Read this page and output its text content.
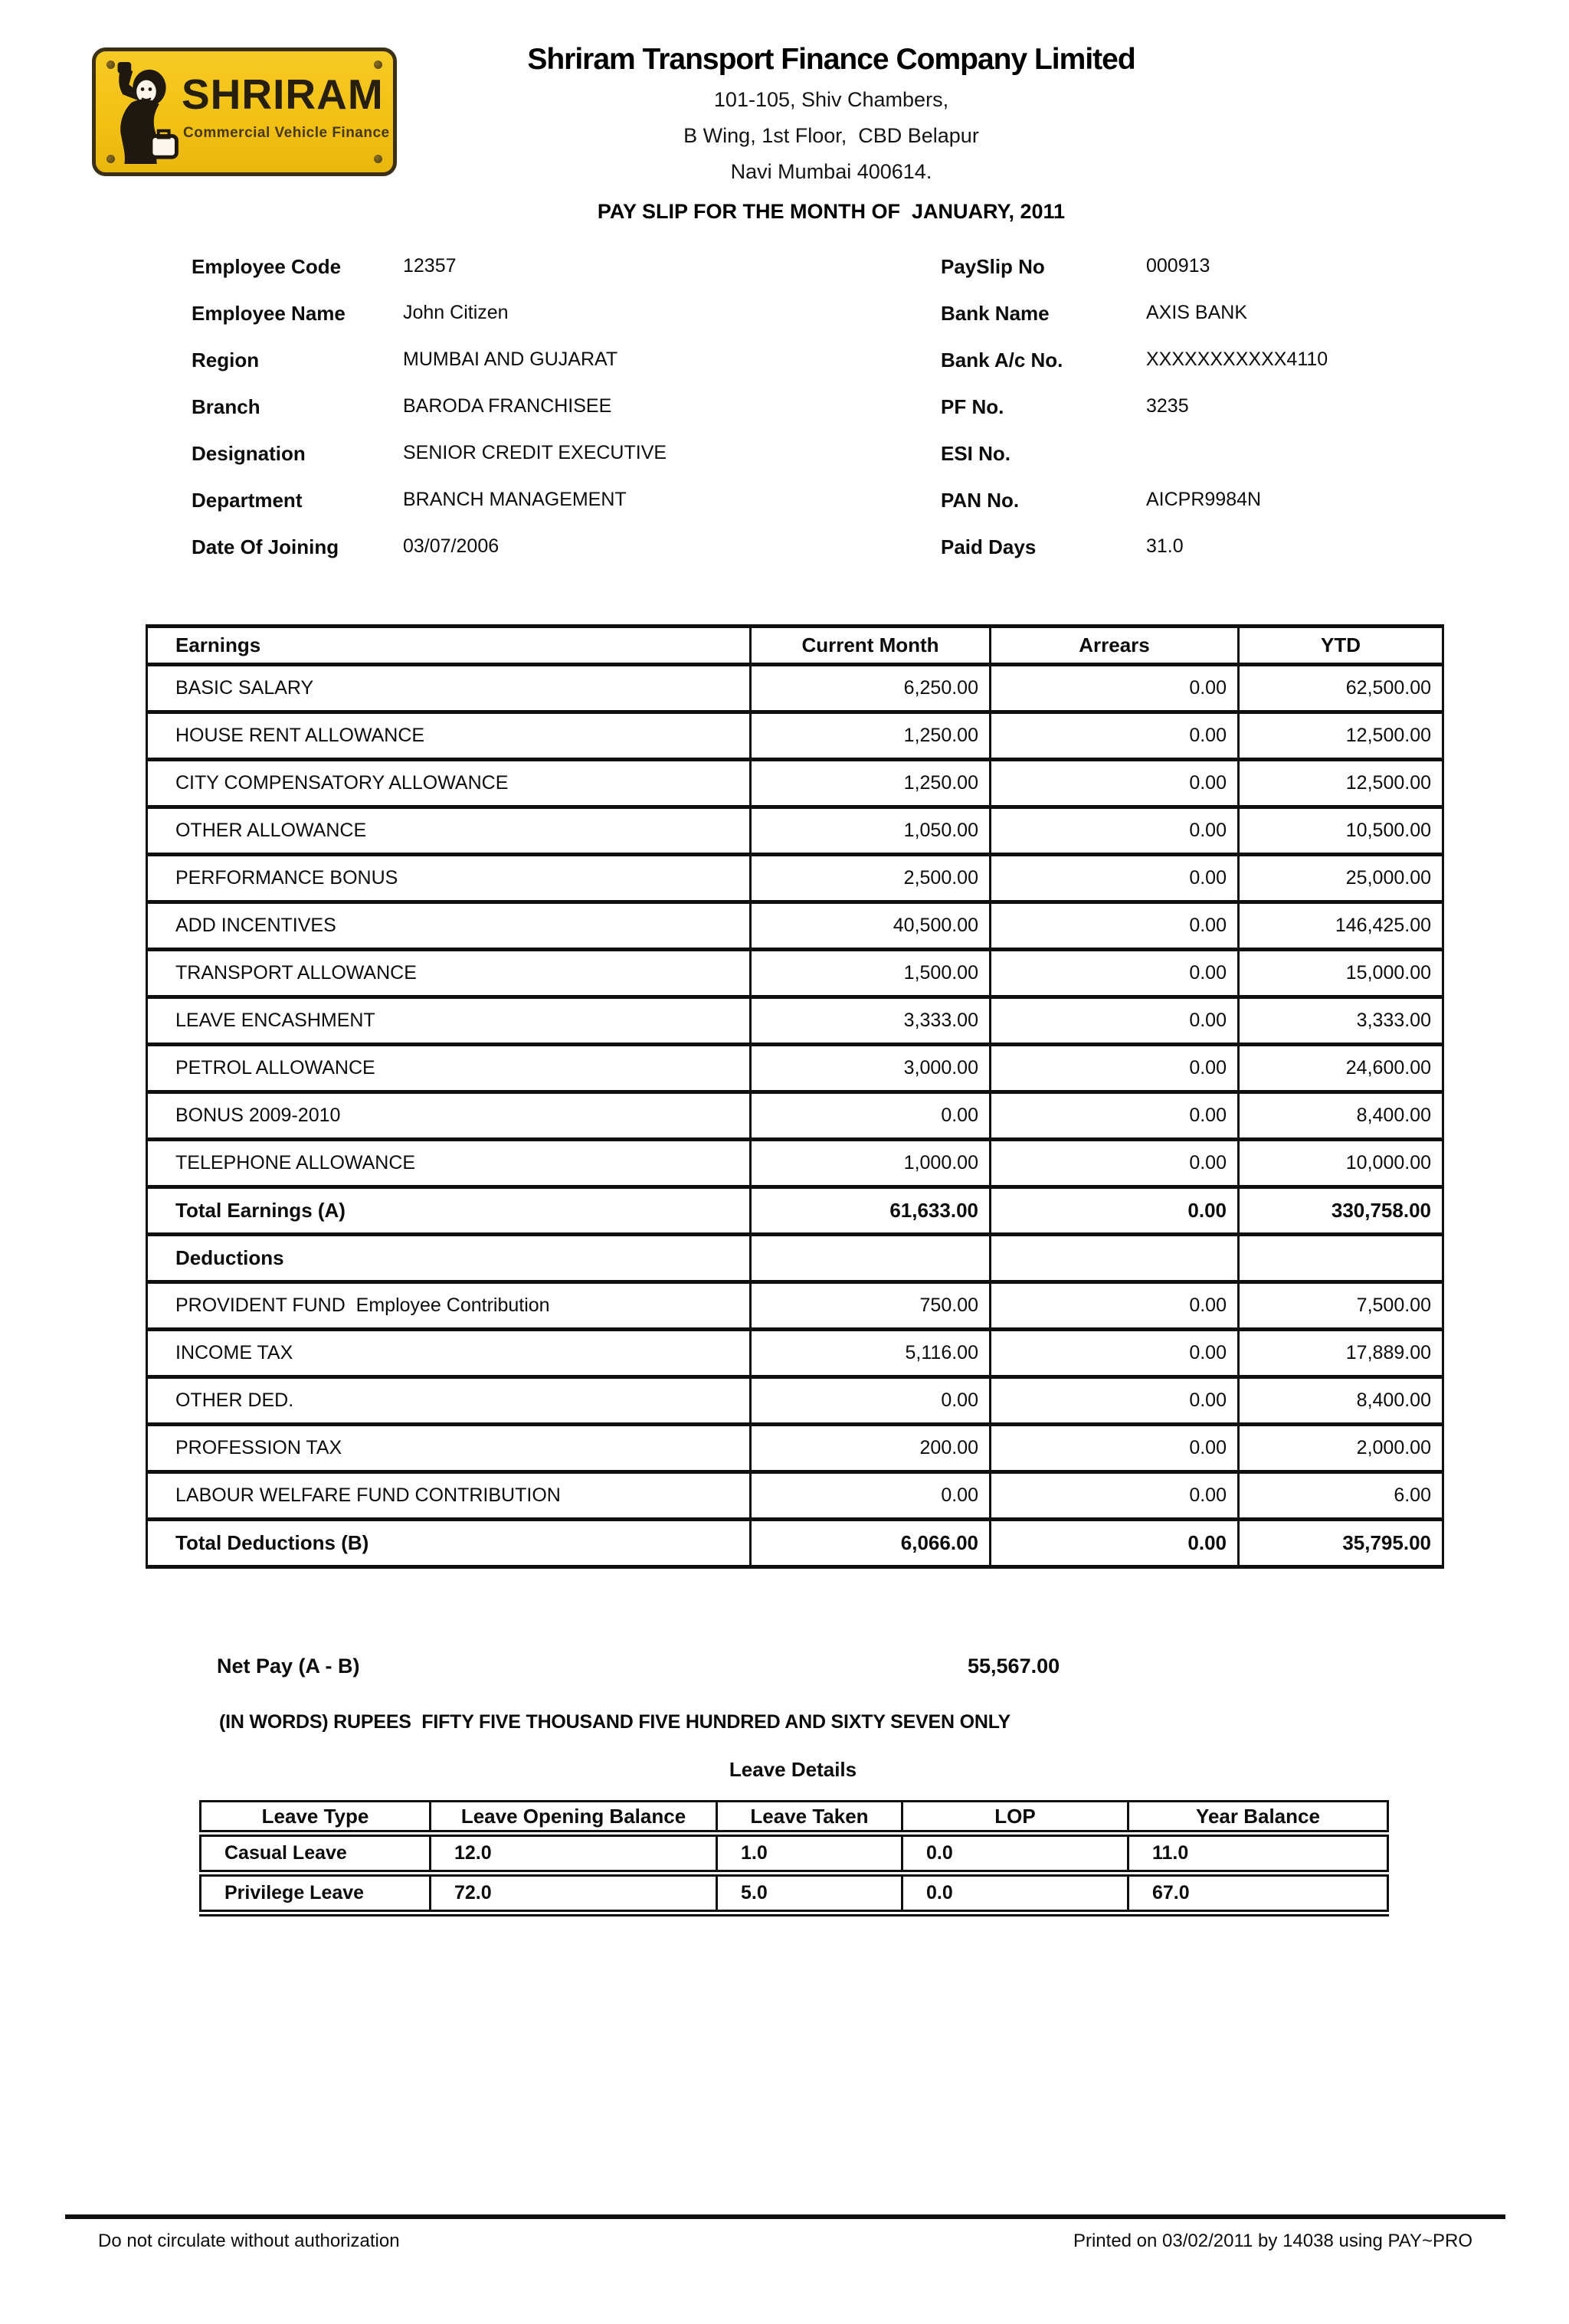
SHRIRAM
Commercial Vehicle Finance
Shriram Transport Finance Company Limited
101-105, Shiv Chambers,
B Wing, 1st Floor,  CBD Belapur
Navi Mumbai 400614.
PAY SLIP FOR THE MONTH OF  JANUARY, 2011
Employee Code	12357	PaySlip No	000913
Employee Name	John Citizen	Bank Name	AXIS BANK
Region	MUMBAI AND GUJARAT	Bank A/c No.	XXXXXXXXXXX4110
Branch	BARODA FRANCHISEE	PF No.	3235
Designation	SENIOR CREDIT EXECUTIVE	ESI No.
Department	BRANCH MANAGEMENT	PAN No.	AICPR9984N
Date Of Joining	03/07/2006	Paid Days	31.0
Earnings	Current Month	Arrears	YTD
BASIC SALARY	6,250.00	0.00	62,500.00
HOUSE RENT ALLOWANCE	1,250.00	0.00	12,500.00
CITY COMPENSATORY ALLOWANCE	1,250.00	0.00	12,500.00
OTHER ALLOWANCE	1,050.00	0.00	10,500.00
PERFORMANCE BONUS	2,500.00	0.00	25,000.00
ADD INCENTIVES	40,500.00	0.00	146,425.00
TRANSPORT ALLOWANCE	1,500.00	0.00	15,000.00
LEAVE ENCASHMENT	3,333.00	0.00	3,333.00
PETROL ALLOWANCE	3,000.00	0.00	24,600.00
BONUS 2009-2010	0.00	0.00	8,400.00
TELEPHONE ALLOWANCE	1,000.00	0.00	10,000.00
Total Earnings (A)	61,633.00	0.00	330,758.00
Deductions			
PROVIDENT FUND  Employee Contribution	750.00	0.00	7,500.00
INCOME TAX	5,116.00	0.00	17,889.00
OTHER DED.	0.00	0.00	8,400.00
PROFESSION TAX	200.00	0.00	2,000.00
LABOUR WELFARE FUND CONTRIBUTION	0.00	0.00	6.00
Total Deductions (B)	6,066.00	0.00	35,795.00
Net Pay (A - B)	55,567.00
(IN WORDS) RUPEES  FIFTY FIVE THOUSAND FIVE HUNDRED AND SIXTY SEVEN ONLY
Leave Details
Leave Type	Leave Opening Balance	Leave Taken	LOP	Year Balance
Casual Leave	12.0	1.0	0.0	11.0
Privilege Leave	72.0	5.0	0.0	67.0
Do not circulate without authorization	Printed on 03/02/2011 by 14038 using PAY~PRO
